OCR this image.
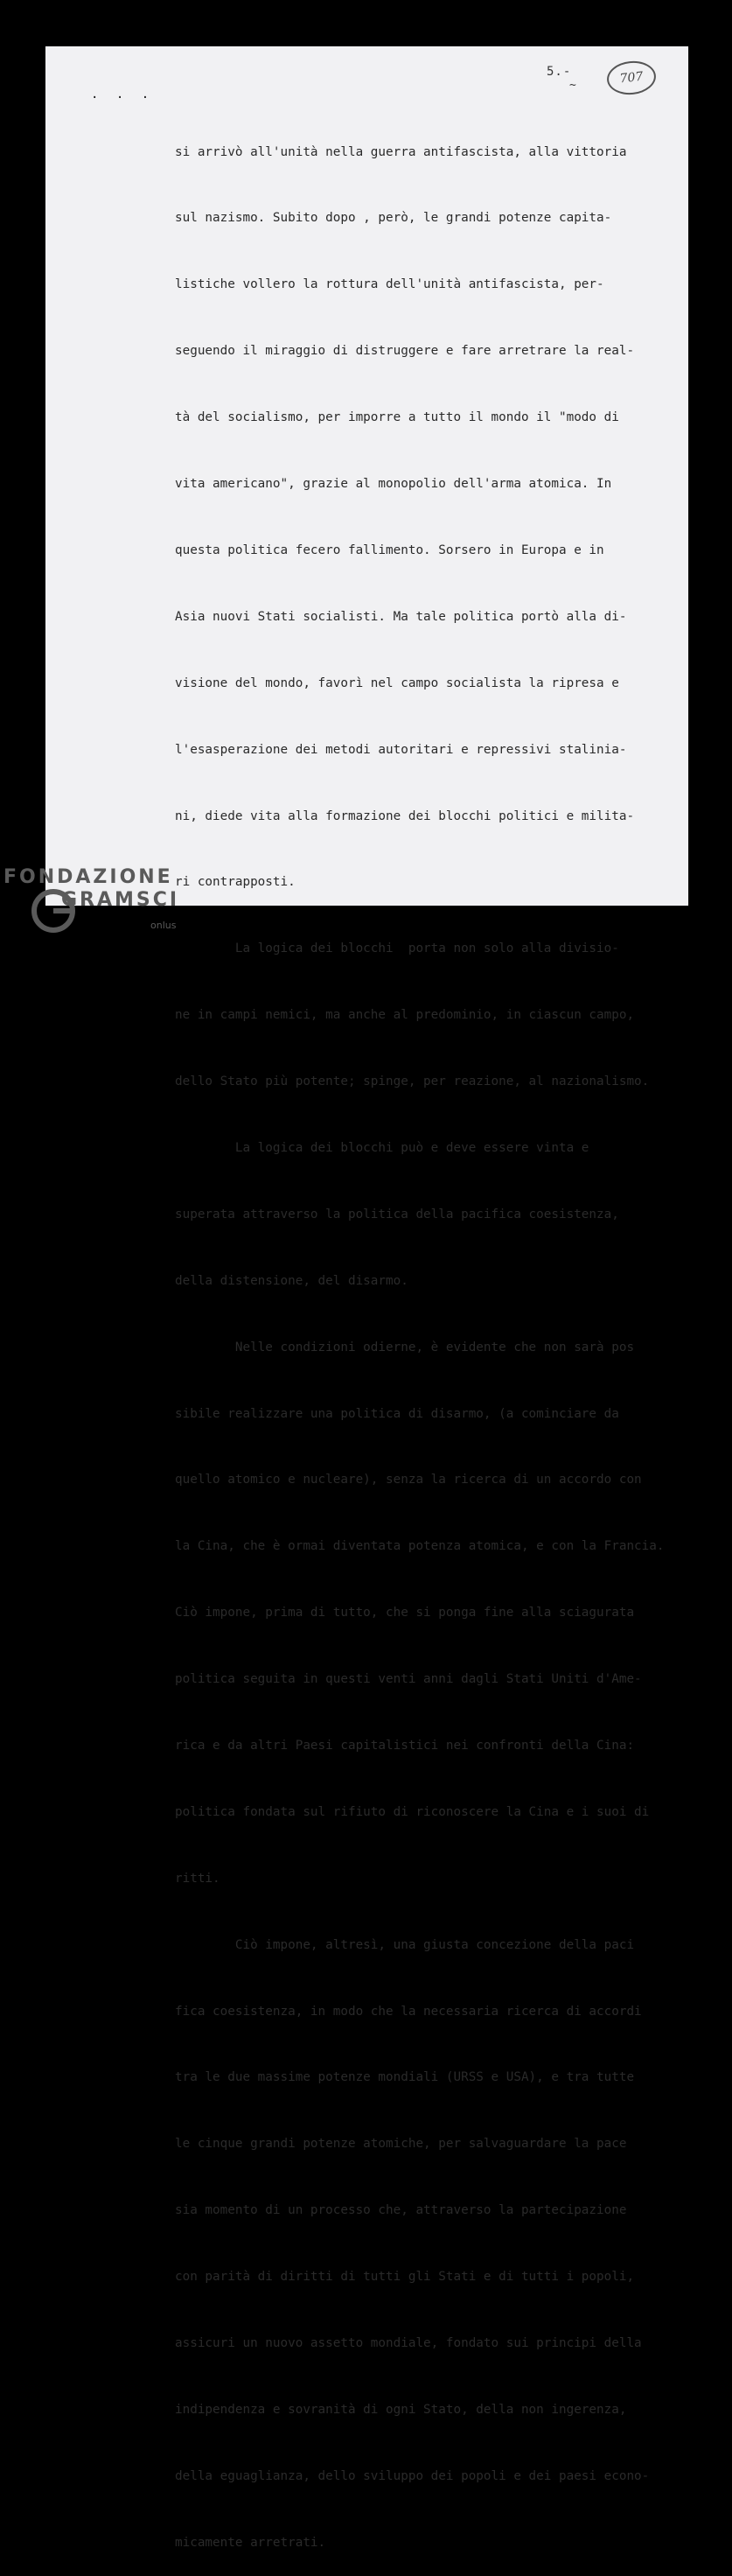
· · ·
5.-
~	707

si arrivò all'unità nella guerra antifascista, alla vittoria

sul nazismo. Subito dopo , però, le grandi potenze capita-

listiche vollero la rottura dell'unità antifascista, per-

seguendo il miraggio di distruggere e fare arretrare la real-

tà del socialismo, per imporre a tutto il mondo il "modo di

vita americano", grazie al monopolio dell'arma atomica. In

questa politica fecero fallimento. Sorsero in Europa e in

Asia nuovi Stati socialisti. Ma tale politica portò alla di-

visione del mondo, favorì nel campo socialista la ripresa e

l'esasperazione dei metodi autoritari e repressivi stalinia-

ni, diede vita alla formazione dei blocchi politici e milita-

ri contrapposti.

La logica dei blocchi  porta non solo alla divisio-

ne in campi nemici, ma anche al predominio, in ciascun campo,

dello Stato più potente; spinge, per reazione, al nazionalismo.

La logica dei blocchi può e deve essere vinta e

superata attraverso la politica della pacifica coesistenza,

della distensione, del disarmo.

Nelle condizioni odierne, è evidente che non sarà pos

sibile realizzare una politica di disarmo, (a cominciare da

quello atomico e nucleare), senza la ricerca di un accordo con

la Cina, che è ormai diventata potenza atomica, e con la Francia.

Ciò impone, prima di tutto, che si ponga fine alla sciagurata

politica seguita in questi venti anni dagli Stati Uniti d'Ame-

rica e da altri Paesi capitalistici nei confronti della Cina:

politica fondata sul rifiuto di riconoscere la Cina e i suoi di

ritti.

Ciò impone, altresì, una giusta concezione della paci

fica coesistenza, in modo che la necessaria ricerca di accordi

tra le due massime potenze mondiali (URSS e USA), e tra tutte

le cinque grandi potenze atomiche, per salvaguardare la pace

sia momento di un processo che, attraverso la partecipazione

con parità di diritti di tutti gli Stati e di tutti i popoli,

assicuri un nuovo assetto mondiale, fondato sui principi della

indipendenza e sovranità di ogni Stato, della non ingerenza,

della eguaglianza, dello sviluppo dei popoli e dei paesi econo-

micamente arretrati.

FONDAZIONE
GRAMSCI
onlus
